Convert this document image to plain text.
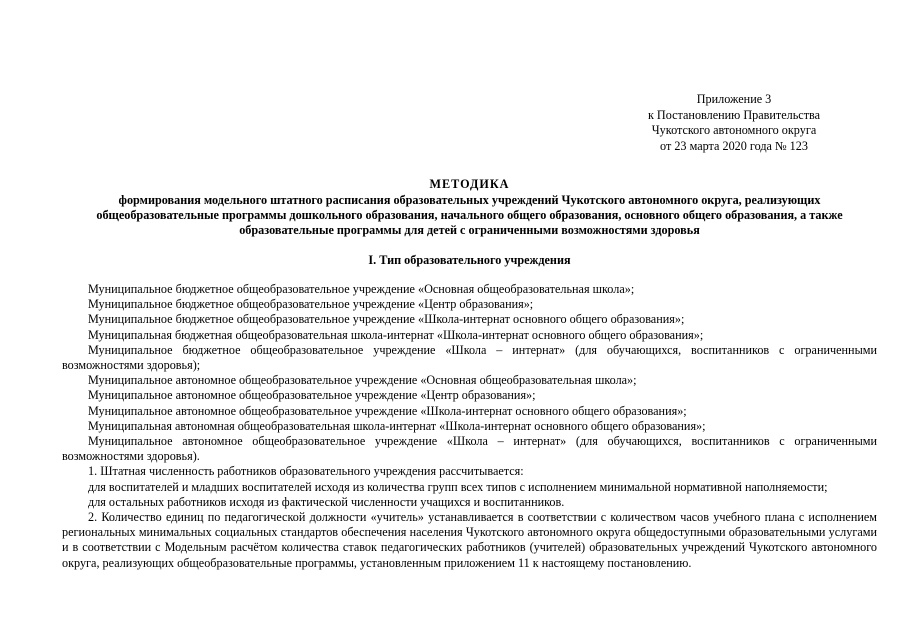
Приложение 3
к Постановлению Правительства
Чукотского автономного округа
от 23 марта 2020 года № 123
МЕТОДИКА
формирования модельного штатного расписания образовательных учреждений Чукотского автономного округа, реализующих общеобразовательные программы дошкольного образования, начального общего образования, основного общего образования, а также образовательные программы для детей с ограниченными возможностями здоровья
I. Тип образовательного учреждения

Муниципальное бюджетное общеобразовательное учреждение «Основная общеобразовательная школа»;

Муниципальное бюджетное общеобразовательное учреждение «Центр образования»;

Муниципальное бюджетное общеобразовательное учреждение «Школа-интернат основного общего образования»;

Муниципальная бюджетная общеобразовательная школа-интернат «Школа-интернат основного общего образования»;

Муниципальное бюджетное общеобразовательное учреждение «Школа – интернат» (для обучающихся, воспитанников с ограниченными возможностями здоровья);

Муниципальное автономное общеобразовательное учреждение «Основная общеобразовательная школа»;

Муниципальное автономное общеобразовательное учреждение «Центр образования»;

Муниципальное автономное общеобразовательное учреждение «Школа-интернат основного общего образования»;

Муниципальная автономная общеобразовательная школа-интернат «Школа-интернат основного общего образования»;

Муниципальное автономное общеобразовательное учреждение «Школа – интернат» (для обучающихся, воспитанников с ограниченными возможностями здоровья).

1. Штатная численность работников образовательного учреждения рассчитывается:

для воспитателей и младших воспитателей исходя из количества групп всех типов с исполнением минимальной нормативной наполняемости;

для остальных работников исходя из фактической численности учащихся и воспитанников.

2. Количество единиц по педагогической должности «учитель» устанавливается в соответствии с количеством часов учебного плана с исполнением региональных минимальных социальных стандартов обеспечения населения Чукотского автономного округа общедоступными образовательными услугами и в соответствии с Модельным расчётом количества ставок педагогических работников (учителей) образовательных учреждений Чукотского автономного округа, реализующих общеобразовательные программы, установленным приложением 11 к настоящему постановлению.
